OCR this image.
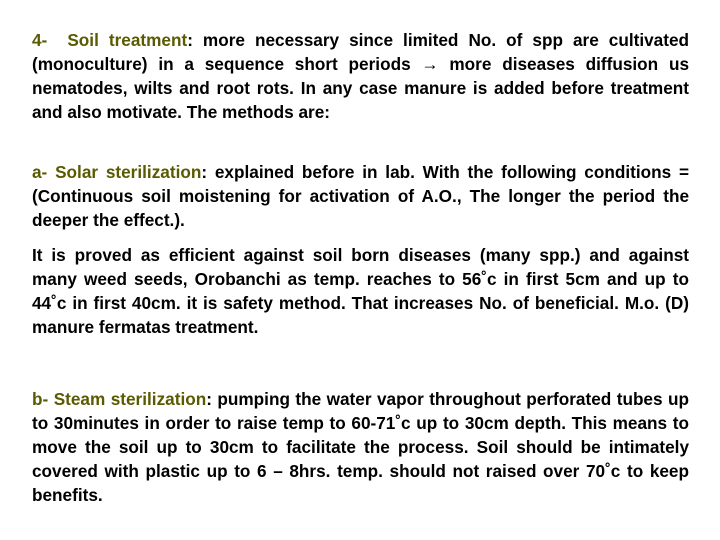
4- Soil treatment: more necessary since limited No. of spp are cultivated (monoculture) in a sequence short periods → more diseases diffusion us nematodes, wilts and root rots. In any case manure is added before treatment and also motivate. The methods are:

a- Solar sterilization: explained before in lab. With the following conditions = (Continuous soil moistening for activation of A.O., The longer the period the deeper the effect.).

It is proved as efficient against soil born diseases (many spp.) and against many weed seeds, Orobanchi as temp. reaches to 56˚c in first 5cm and up to 44˚c in first 40cm. it is safety method. That increases No. of beneficial. M.o. (D) manure fermatas treatment.

b- Steam sterilization: pumping the water vapor throughout perforated tubes up to 30minutes in order to raise temp to 60-71˚c up to 30cm depth. This means to move the soil up to 30cm to facilitate the process. Soil should be intimately covered with plastic up to 6 – 8hrs. temp. should not raised over 70˚c to keep benefits.
